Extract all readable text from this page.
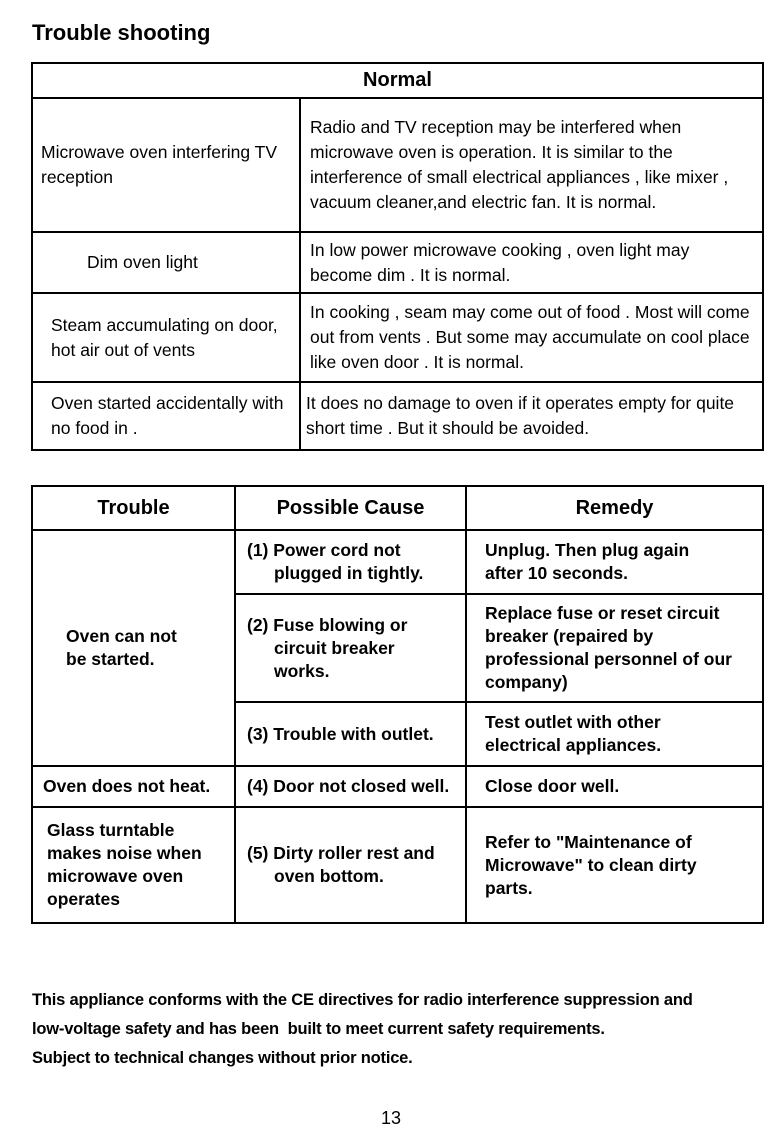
Trouble shooting
Normal	

Microwave oven interfering TV reception	Radio and TV reception may be interfered when microwave oven is operation. It is similar to the interference of small electrical appliances , like mixer , vacuum cleaner,and electric fan. It is normal.

Dim oven light	In low power microwave cooking , oven light may become dim . It is normal.

Steam accumulating on door, hot air out of vents	In cooking , seam may come out of food . Most will come out from vents . But some may accumulate on cool place like oven door . It is normal.

Oven started accidentally with no food in .	It does no damage to oven if it operates empty for quite short time . But it should be avoided.
Trouble	Possible Cause	Remedy

Oven can not be started.	(1) Power cord not plugged in tightly.	Unplug. Then plug again after 10 seconds.

	(2) Fuse blowing or circuit breaker works.	Replace fuse or reset circuit breaker (repaired by professional personnel of our company)

	(3) Trouble with outlet.	Test outlet with other electrical appliances.

Oven does not heat.	(4) Door not closed well.	Close door well.

Glass turntable makes noise when microwave oven operates	(5) Dirty roller rest and oven bottom.	Refer to "Maintenance of Microwave" to clean dirty parts.

This appliance conforms with the CE directives for radio interference suppression and
low-voltage safety and has been  built to meet current safety requirements.
Subject to technical changes without prior notice.

13
